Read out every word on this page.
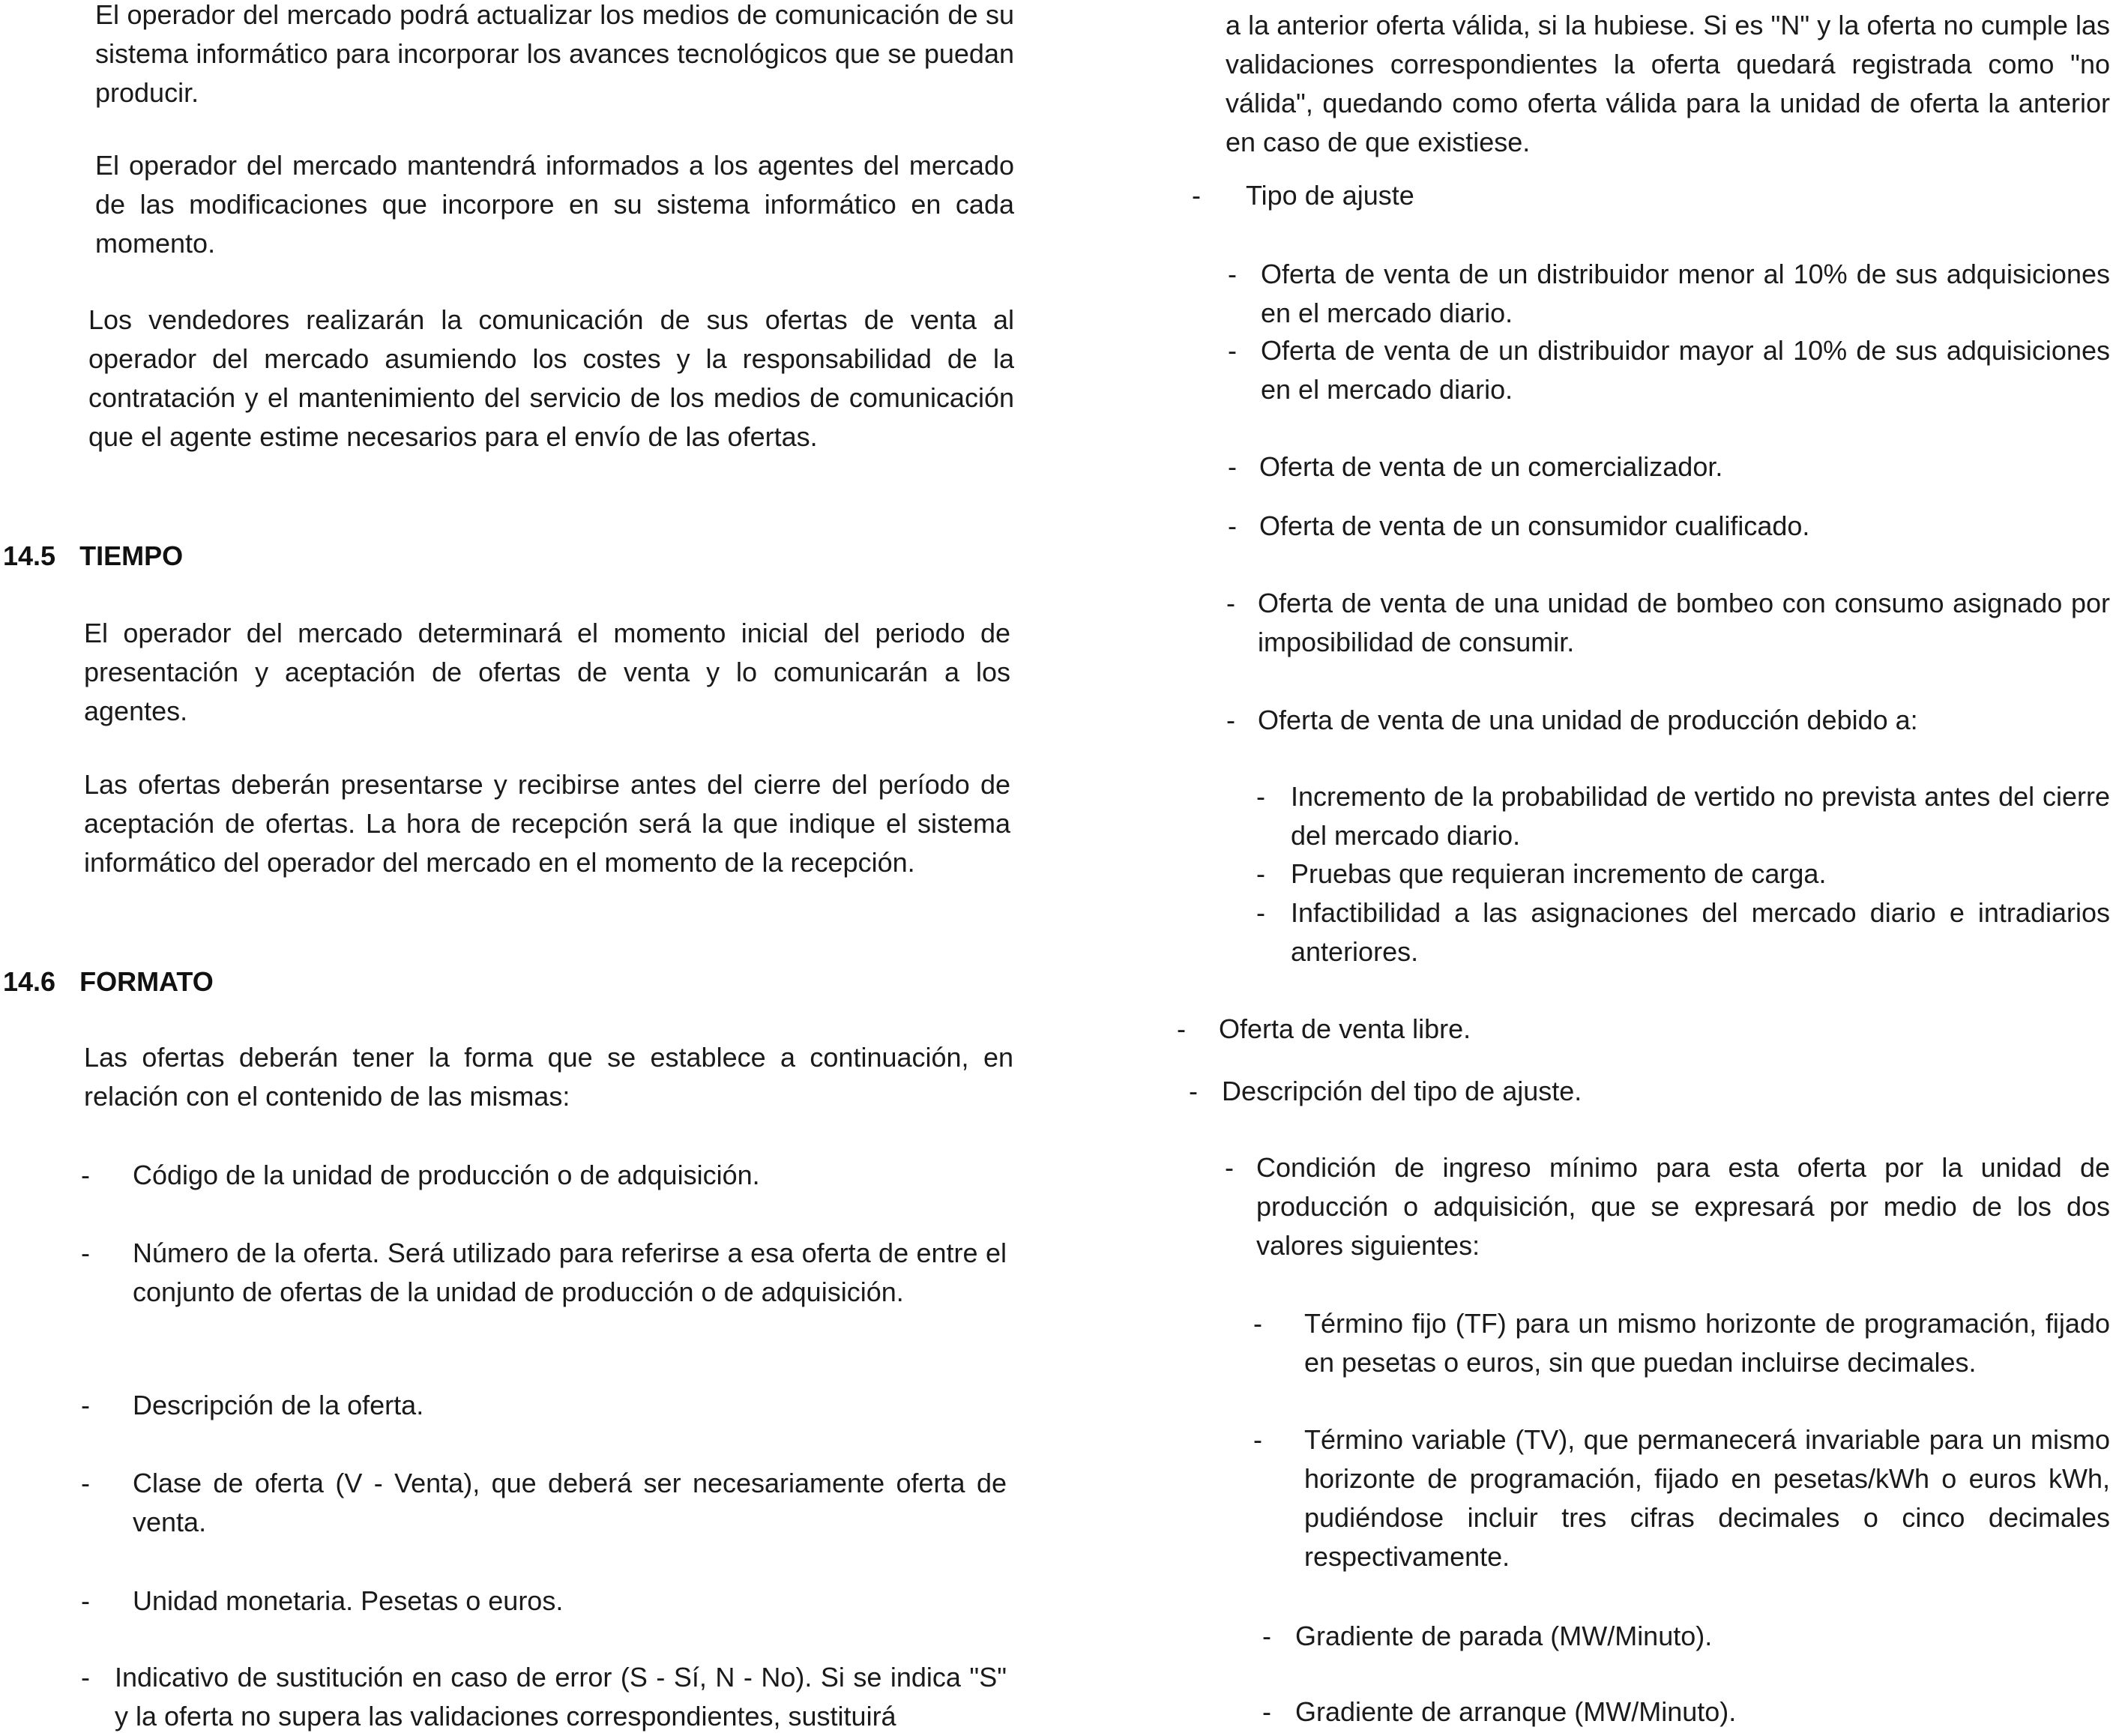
El operador del mercado podrá actualizar los medios de comunicación de su sistema informático para incorporar los avances tecnológicos que se puedan producir.

El operador del mercado mantendrá informados a los agentes del mercado de las modificaciones que incorpore en su sistema informático en cada momento.

Los vendedores realizarán la comunicación de sus ofertas de venta al operador del mercado asumiendo los costes y la responsabilidad de la contratación y el mantenimiento del servicio de los medios de comunicación que el agente estime necesarios para el envío de las ofertas.

14.5 TIEMPO

El operador del mercado determinará el momento inicial del periodo de presentación y aceptación de ofertas de venta y lo comunicarán a los agentes.

Las ofertas deberán presentarse y recibirse antes del cierre del período de aceptación de ofertas. La hora de recepción será la que indique el sistema informático del operador del mercado en el momento de la recepción.

14.6 FORMATO

Las ofertas deberán tener la forma que se establece a continuación, en relación con el contenido de las mismas:

- Código de la unidad de producción o de adquisición.

- Número de la oferta. Será utilizado para referirse a esa oferta de entre el conjunto de ofertas de la unidad de producción o de adquisición.

- Descripción de la oferta.

- Clase de oferta (V - Venta), que deberá ser necesariamente oferta de venta.

- Unidad monetaria. Pesetas o euros.

- Indicativo de sustitución en caso de error (S - Sí, N - No). Si se indica "S" y la oferta no supera las validaciones correspondientes, sustituirá

a la anterior oferta válida, si la hubiese. Si es "N" y la oferta no cumple las validaciones correspondientes la oferta quedará registrada como "no válida", quedando como oferta válida para la unidad de oferta la anterior en caso de que existiese.

- Tipo de ajuste

- Oferta de venta de un distribuidor menor al 10% de sus adquisiciones en el mercado diario.

- Oferta de venta de un distribuidor mayor al 10% de sus adquisiciones en el mercado diario.

- Oferta de venta de un comercializador.

- Oferta de venta de un consumidor cualificado.

- Oferta de venta de una unidad de bombeo con consumo asignado por imposibilidad de consumir.

- Oferta de venta de una unidad de producción debido a:

- Incremento de la probabilidad de vertido no prevista antes del cierre del mercado diario.

- Pruebas que requieran incremento de carga.

- Infactibilidad a las asignaciones del mercado diario e intradiarios anteriores.

- Oferta de venta libre.

- Descripción del tipo de ajuste.

- Condición de ingreso mínimo para esta oferta por la unidad de producción o adquisición, que se expresará por medio de los dos valores siguientes:

- Término fijo (TF) para un mismo horizonte de programación, fijado en pesetas o euros, sin que puedan incluirse decimales.

- Término variable (TV), que permanecerá invariable para un mismo horizonte de programación, fijado en pesetas/kWh o euros kWh, pudiéndose incluir tres cifras decimales o cinco decimales respectivamente.

- Gradiente de parada (MW/Minuto).

- Gradiente de arranque (MW/Minuto).
